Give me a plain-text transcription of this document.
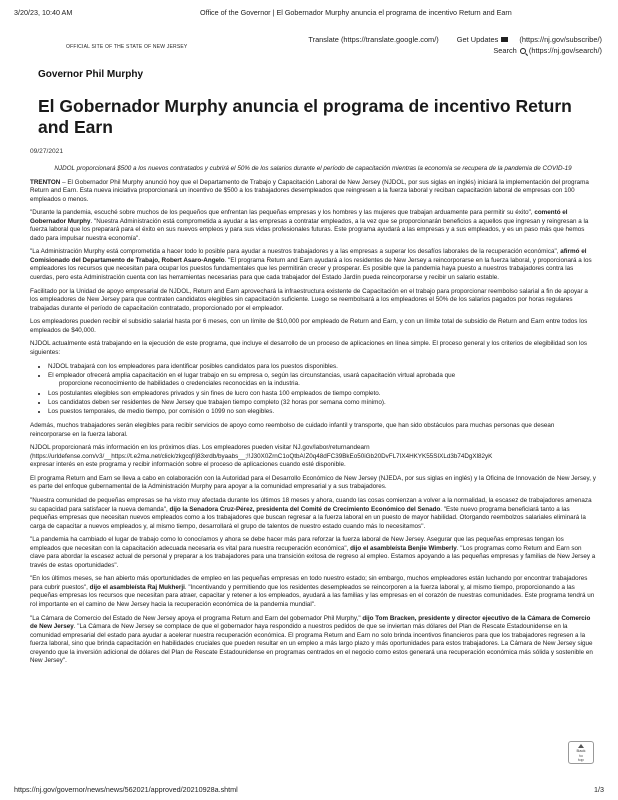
3/20/23, 10:40 AM	Office of the Governor | El Gobernador Murphy anuncia el programa de incentivo Return and Earn
OFFICIAL SITE OF THE STATE OF NEW JERSEY
Translate (https://translate.google.com/) Get Updates	(https://nj.gov/subscribe/)
Search (https://nj.gov/search/)
Governor Phil Murphy
El Gobernador Murphy anuncia el programa de incentivo Return and Earn
09/27/2021

NJDOL proporcionará $500 a los nuevos contratados y cubrirá el 50% de los salarios durante el período de capacitación mientras la economía se recupera de la pandemia de COVID-19

TRENTON – El Gobernador Phil Murphy anunció hoy que el Departamento de Trabajo y Capacitación Laboral de New Jersey (NJDOL, por sus siglas en inglés) iniciará la implementación del programa Return and Earn. Esta nueva iniciativa proporcionará un incentivo de $500 a los trabajadores desempleados que reingresen a la fuerza laboral y reciban capacitación laboral de empresas con 100 empleados o menos.

"Durante la pandemia, escuché sobre muchos de los pequeños que enfrentan las pequeñas empresas y los hombres y las mujeres que trabajan arduamente para permitir su éxito", comentó el Gobernador Murphy. "Nuestra Administración está comprometida a ayudar a las empresas a contratar empleados, a la vez que se proporcionarán beneficios a aquellos que ingresan y reingresan a la fuerza laboral que los preparará para el éxito en sus nuevos empleos y para sus vidas profesionales futuras. Este programa ayudará a las empresas y a sus empleados, y es un paso más que hemos dado para impulsar nuestra economía".

"La Administración Murphy está comprometida a hacer todo lo posible para ayudar a nuestros trabajadores y a las empresas a superar los desafíos laborales de la recuperación económica", afirmó el Comisionado del Departamento de Trabajo, Robert Asaro-Angelo. "El programa Return and Earn ayudará a los residentes de New Jersey a reincorporarse en la fuerza laboral, y proporcionará a los empleadores los recursos que necesitan para ocupar los puestos fundamentales que les permitirán crecer y prosperar. Es posible que la pandemia haya puesto a nuestros trabajadores contra las cuerdas, pero esta Administración cuenta con las herramientas necesarias para que cada trabajador del Estado Jardín pueda reincorporarse y recibir un salario estable.

Facilitado por la Unidad de apoyo empresarial de NJDOL, Return and Earn aprovechará la infraestructura existente de Capacitación en el trabajo para proporcionar reembolso salarial a fin de apoyar a los empleadores de New Jersey para que contraten candidatos elegibles sin capacitación suficiente. Luego se reembolsará a los empleadores el 50% de los salarios pagados por horas regulares trabajadas durante el período de capacitación contratado, proporcionado por el empleador.

Los empleadores pueden recibir el subsidio salarial hasta por 6 meses, con un límite de $10,000 por empleado de Return and Earn, y con un límite total de subsidio de Return and Earn entre todos los empleados de $40,000.

NJDOL actualmente está trabajando en la ejecución de este programa, que incluye el desarrollo de un proceso de aplicaciones en línea simple. El proceso general y los criterios de elegibilidad son los siguientes:

• NJDOL trabajará con los empleadores para identificar posibles candidatos para los puestos disponibles.
• El empleador ofrecerá amplia capacitación en el lugar trabajo en su empresa o, según las circunstancias, usará capacitación virtual aprobada que
proporcione reconocimiento de habilidades o credenciales reconocidas en la industria.
• Los postulantes elegibles son empleadores privados y sin fines de lucro con hasta 100 empleados de tiempo completo.
• Los candidatos deben ser residentes de New Jersey que trabajen tiempo completo (32 horas por semana como mínimo).
• Los puestos temporales, de medio tiempo, por comisión o 1099 no son elegibles.

Además, muchos trabajadores serán elegibles para recibir servicios de apoyo como reembolso de cuidado infantil y transporte, que han sido obstáculos para muchas personas que desean reincorporarse en la fuerza laboral.

NJDOL proporcionará más información en los próximos días. Los empleadores pueden visitar NJ.gov/labor/returnandearn
(https://urldefense.com/v3/__https://t.e2ma.net/click/zkgcqf/j83xrdb/byaabs__;!!J30X0ZrnC1oQtbA!Z0q48dFC39BkEo50iGb20DvFL7IX4HKYK55SIXLd3b74DgXl82yK
expresar interés en este programa y recibir información sobre el proceso de aplicaciones cuando esté disponible.

El programa Return and Earn se lleva a cabo en colaboración con la Autoridad para el Desarrollo Económico de New Jersey (NJEDA, por sus siglas en inglés) y la Oficina de Innovación de New Jersey, y es parte del enfoque gubernamental de la Administración Murphy para apoyar a la comunidad empresarial y a sus trabajadores.

"Nuestra comunidad de pequeñas empresas se ha visto muy afectada durante los últimos 18 meses y ahora, cuando las cosas comienzan a volver a la normalidad, la escasez de trabajadores amenaza su capacidad para satisfacer la nueva demanda", dijo la Senadora Cruz-Pérez, presidenta del Comité de Crecimiento Económico del Senado. "Este nuevo programa beneficiará tanto a las pequeñas empresas que necesitan nuevos empleados como a los trabajadores que buscan regresar a la fuerza laboral en un puesto de mayor habilidad. Otorgando reembolzos salariales eliminará la carga de capacitar a nuevos empleados y, al mismo tiempo, desarrollará el grupo de talentos de nuestro estado cuando más lo necesitamos".

"La pandemia ha cambiado el lugar de trabajo como lo conocíamos y ahora se debe hacer más para reforzar la fuerza laboral de New Jersey. Asegurar que las pequeñas empresas tengan los empleados que necesitan con la capacitación adecuada necesaria es vital para nuestra recuperación económica", dijo el asambleísta Benjie Wimberly. "Los programas como Return and Earn son clave para abordar la escasez actual de personal y preparar a los trabajadores para una transición exitosa de regreso al empleo. Estamos apoyando a las pequeñas empresas y familias de New Jersey a través de estas oportunidades".

"En los últimos meses, se han abierto más oportunidades de empleo en las pequeñas empresas en todo nuestro estado; sin embargo, muchos empleadores están luchando por encontrar trabajadores para cubrir puestos", dijo el asambleísta Raj Mukherji. "Incentivando y permitiendo que los residentes desempleados se reincorporen a la fuerza laboral y, al mismo tiempo, proporcionando a las pequeñas empresas los recursos que necesitan para atraer, capacitar y retener a los empleados, ayudará a las familias y las empresas en el corazón de nuestras comunidades. Este programa tendrá un rol importante en el camino de New Jersey hacia la recuperación económica de la pandemia mundial".

"La Cámara de Comercio del Estado de New Jersey apoya el programa Return and Earn del gobernador Phil Murphy," dijo Tom Bracken, presidente y director ejecutivo de la Cámara de Comercio de New Jersey. "La Cámara de New Jersey se complace de que el gobernador haya respondido a nuestros pedidos de que se inviertan más dólares del Plan de Rescate Estadounidense en la comunidad empresarial del estado para ayudar a acelerar nuestra recuperación económica. El programa Return and Earn no solo brinda incentivos financieros para que los trabajadores regresen a la fuerza laboral, sino que brinda capacitación en habilidades cruciales que pueden resultar en un empleo a más largo plazo y más oportunidades para estos trabajadores. La Cámara de New Jersey sigue creyendo que la inversión adicional de dólares del Plan de Rescate Estadounidense en programas centrados en el negocio como estos generará una recuperación económica más sólida y sostenible en New Jersey".

Back
to
top
https://nj.gov/governor/news/news/562021/approved/20210928a.shtml	1/3
